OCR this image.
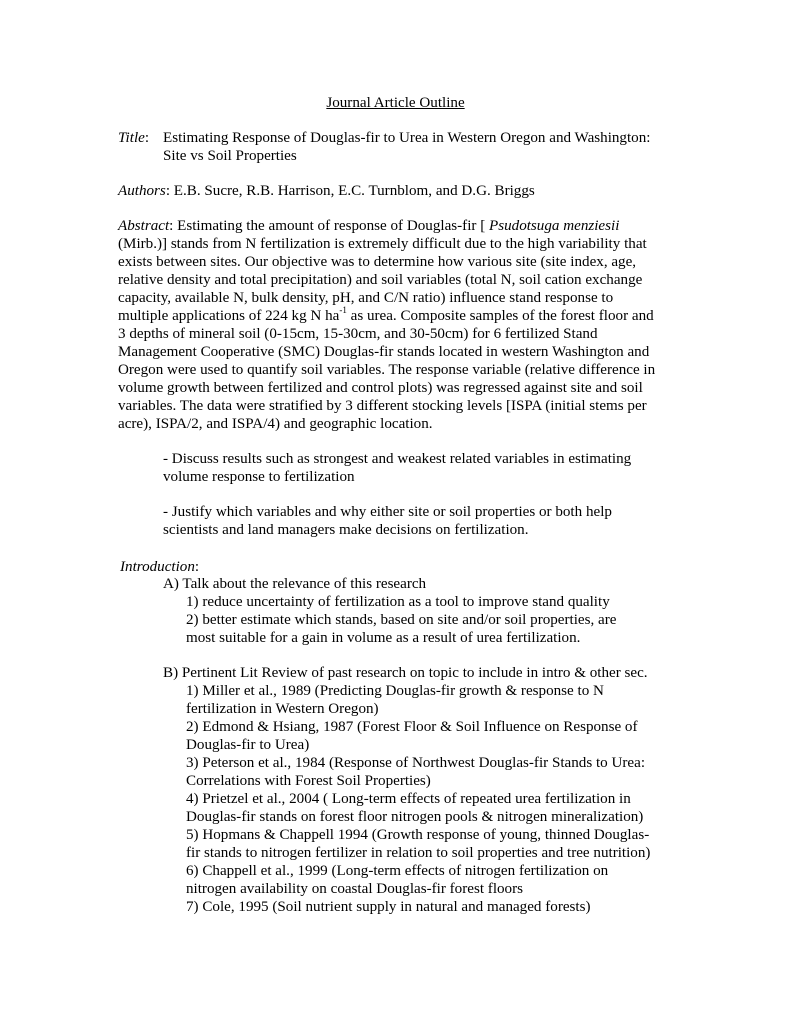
Journal Article Outline
Title: Estimating Response of Douglas-fir to Urea in Western Oregon and Washington:
Site vs Soil Properties
Authors: E.B. Sucre, R.B. Harrison, E.C. Turnblom, and D.G. Briggs
Abstract: Estimating the amount of response of Douglas-fir [ Psudotsuga menziesii
(Mirb.)] stands from N fertilization is extremely difficult due to the high variability that
exists between sites. Our objective was to determine how various site (site index, age,
relative density and total precipitation) and soil variables (total N, soil cation exchange
capacity, available N, bulk density, pH, and C/N ratio) influence stand response to
multiple applications of 224 kg N $ha^{-1}$ as urea. Composite samples of the forest floor and
3 depths of mineral soil (0-15cm, 15-30cm, and 30-50cm) for 6 fertilized Stand
Management Cooperative (SMC) Douglas-fir stands located in western Washington and
Oregon were used to quantify soil variables. The response variable (relative difference in
volume growth between fertilized and control plots) was regressed against site and soil
variables. The data were stratified by 3 different stocking levels [ISPA (initial stems per
acre), ISPA/2, and ISPA/4) and geographic location.
- Discuss results such as strongest and weakest related variables in estimating
volume response to fertilization
- Justify which variables and why either site or soil properties or both help
scientists and land managers make decisions on fertilization.
Introduction:
A) Talk about the relevance of this research
1) reduce uncertainty of fertilization as a tool to improve stand quality
2) better estimate which stands, based on site and/or soil properties, are
most suitable for a gain in volume as a result of urea fertilization.
B) Pertinent Lit Review of past research on topic to include in intro & other sec.
1) Miller et al., 1989 (Predicting Douglas-fir growth & response to N
fertilization in Western Oregon)
2) Edmond & Hsiang, 1987 (Forest Floor & Soil Influence on Response of
Douglas-fir to Urea)
3) Peterson et al., 1984 (Response of Northwest Douglas-fir Stands to Urea:
Correlations with Forest Soil Properties)
4) Prietzel et al., 2004 ( Long-term effects of repeated urea fertilization in
Douglas-fir stands on forest floor nitrogen pools & nitrogen mineralization)
5) Hopmans & Chappell 1994 (Growth response of young, thinned Douglas-
fir stands to nitrogen fertilizer in relation to soil properties and tree nutrition)
6) Chappell et al., 1999 (Long-term effects of nitrogen fertilization on
nitrogen availability on coastal Douglas-fir forest floors
7) Cole, 1995 (Soil nutrient supply in natural and managed forests)
